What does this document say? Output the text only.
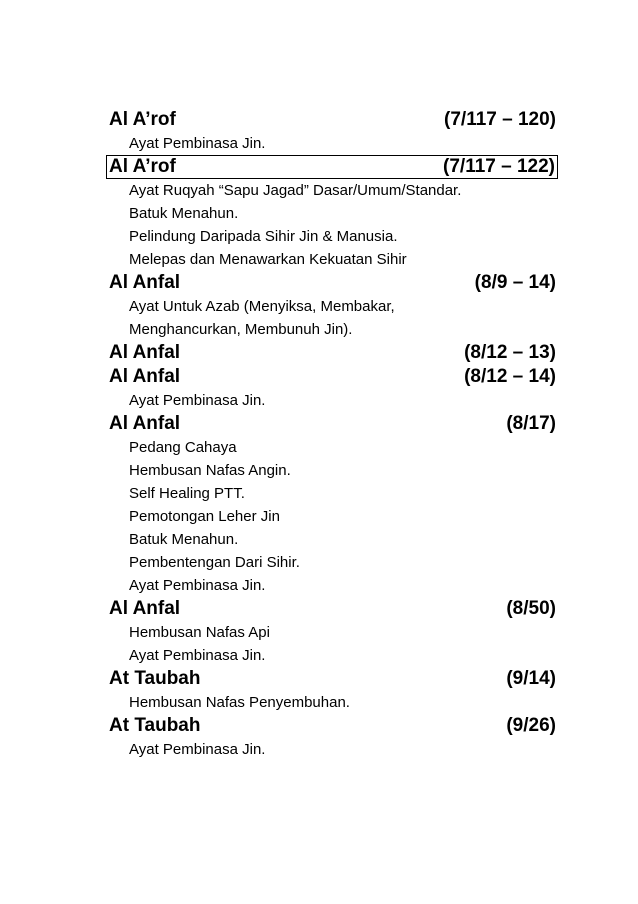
Al A’rof	(7/117 – 120)
Ayat Pembinasa Jin.
Al A’rof	(7/117 – 122)
Ayat Ruqyah “Sapu Jagad” Dasar/Umum/Standar.
Batuk Menahun.
Pelindung Daripada Sihir Jin & Manusia.
Melepas dan Menawarkan Kekuatan Sihir
Al Anfal	(8/9 – 14)
Ayat Untuk Azab (Menyiksa, Membakar,
Menghancurkan, Membunuh Jin).
Al Anfal	(8/12 – 13)
Al Anfal	(8/12 – 14)
Ayat Pembinasa Jin.
Al Anfal	(8/17)
Pedang Cahaya
Hembusan Nafas Angin.
Self Healing PTT.
Pemotongan Leher Jin
Batuk Menahun.
Pembentengan Dari Sihir.
Ayat Pembinasa Jin.
Al Anfal	(8/50)
Hembusan Nafas Api
Ayat Pembinasa Jin.
At Taubah	(9/14)
Hembusan Nafas Penyembuhan.
At Taubah	(9/26)
Ayat Pembinasa Jin.
